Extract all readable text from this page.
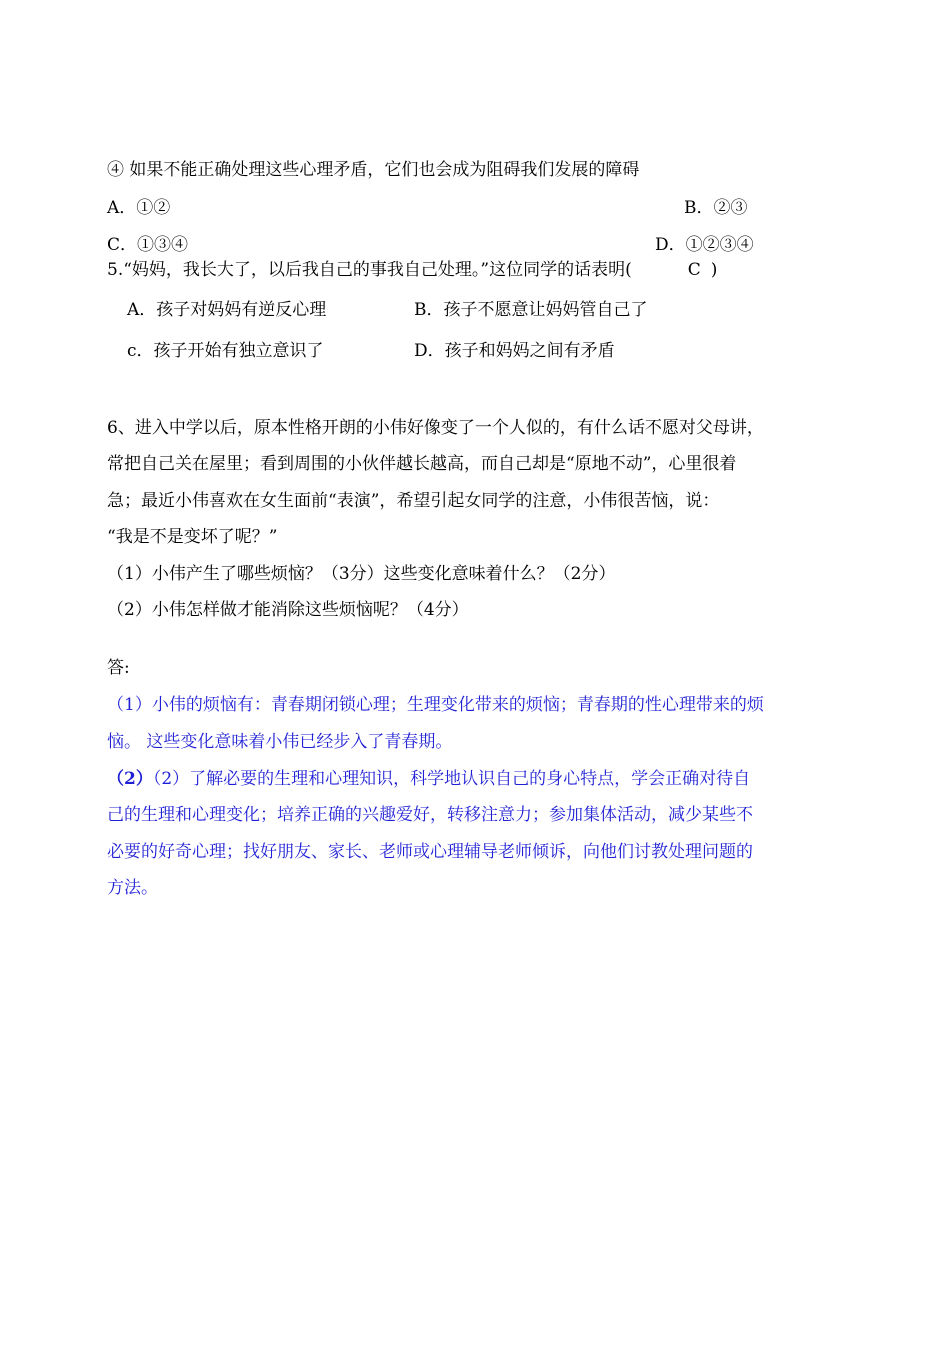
④ 如果不能正确处理这些心理矛盾，它们也会成为阻碍我们发展的障碍
A．①②	B．②③
C．①③④	D．①②③④
5.“妈妈，我长大了，以后我自己的事我自己处理。”这位同学的话表明(	C )
A．孩子对妈妈有逆反心理	B．孩子不愿意让妈妈管自己了
c．孩子开始有独立意识了	D．孩子和妈妈之间有矛盾
6、进入中学以后，原本性格开朗的小伟好像变了一个人似的，有什么话不愿对父母讲，
常把自己关在屋里；看到周围的小伙伴越长越高，而自己却是“原地不动”，心里很着
急；最近小伟喜欢在女生面前“表演”，希望引起女同学的注意，小伟很苦恼，说：
“我是不是变坏了呢？”
（1）小伟产生了哪些烦恼？（3分）这些变化意味着什么？（2分）
（2）小伟怎样做才能消除这些烦恼呢？（4分）
答:
（1）小伟的烦恼有：青春期闭锁心理；生理变化带来的烦恼；青春期的性心理带来的烦
恼。 这些变化意味着小伟已经步入了青春期。
（2）（2）了解必要的生理和心理知识，科学地认识自己的身心特点，学会正确对待自
己的生理和心理变化；培养正确的兴趣爱好，转移注意力；参加集体活动，减少某些不
必要的好奇心理；找好朋友、家长、老师或心理辅导老师倾诉，向他们讨教处理问题的
方法。
